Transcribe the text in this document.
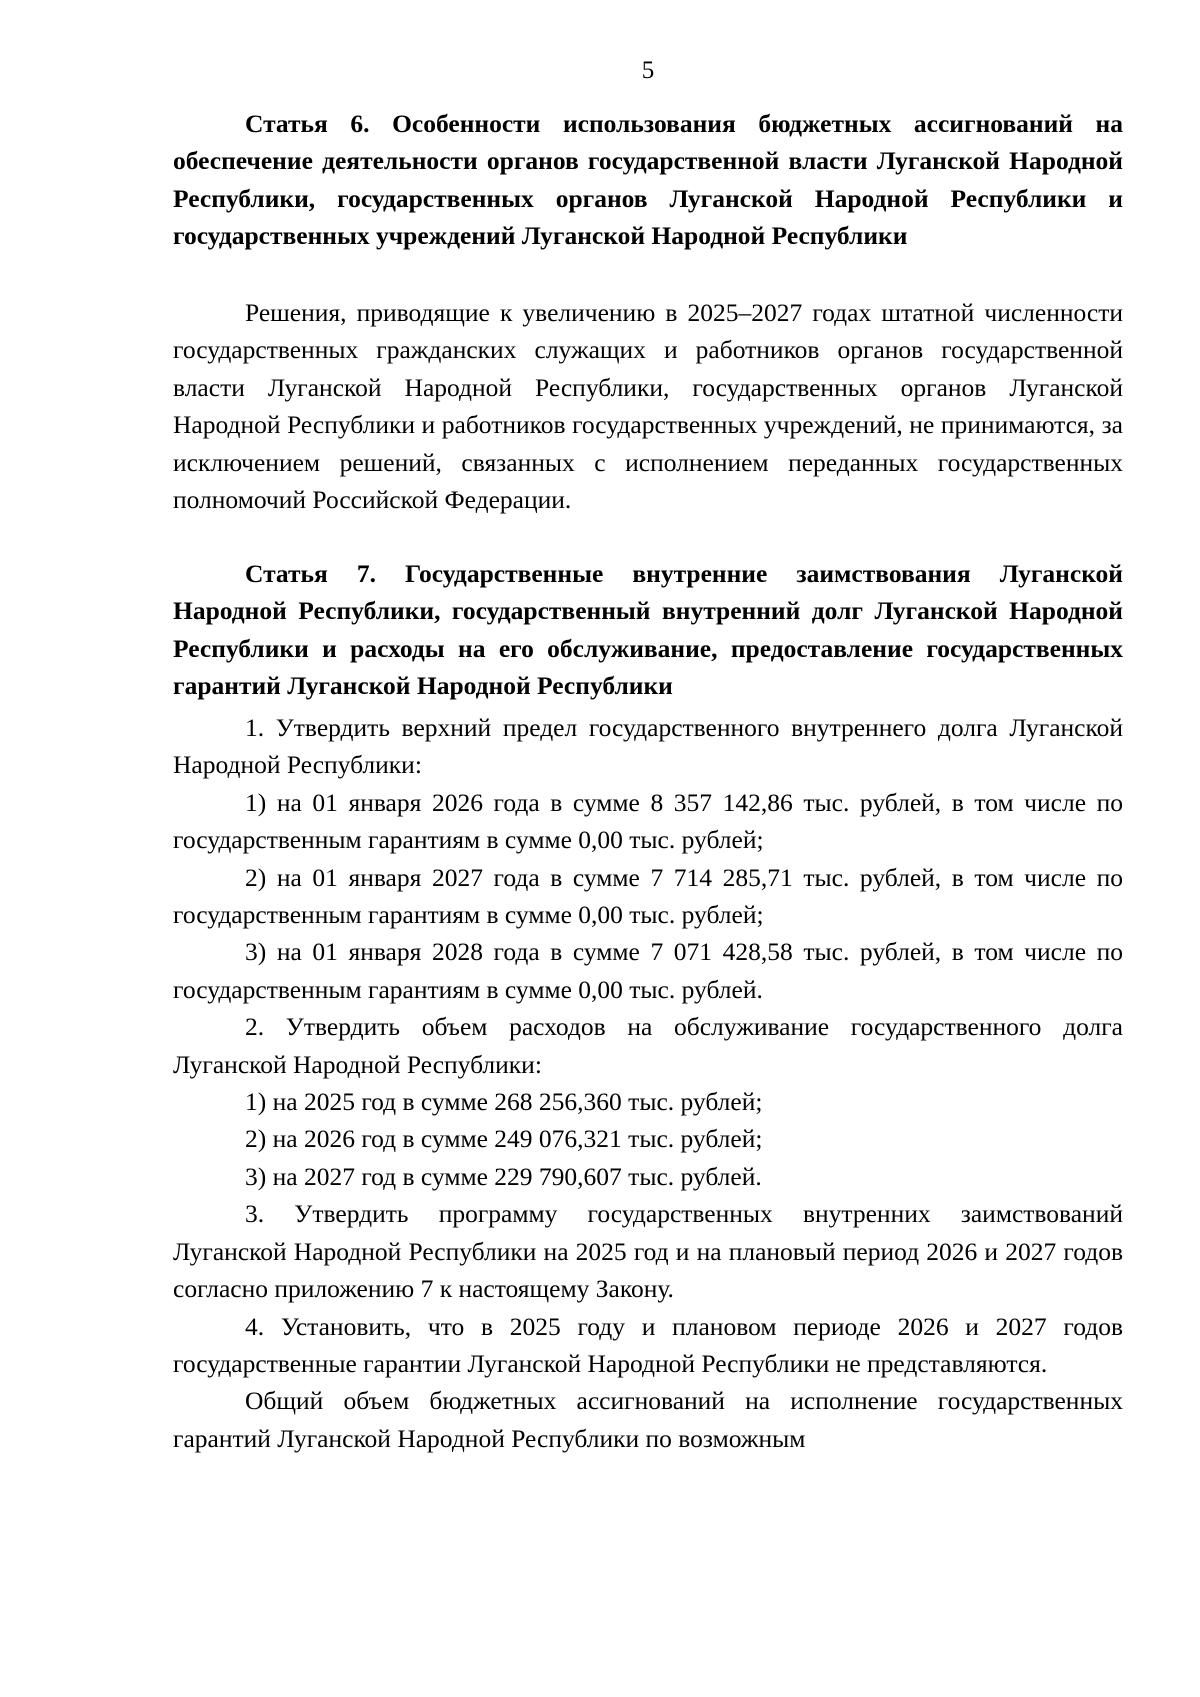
5

Статья 6. Особенности использования бюджетных ассигнований на обеспечение деятельности органов государственной власти Луганской Народной Республики, государственных органов Луганской Народной Республики и государственных учреждений Луганской Народной Республики

Решения, приводящие к увеличению в 2025–2027 годах штатной численности государственных гражданских служащих и работников органов государственной власти Луганской Народной Республики, государственных органов Луганской Народной Республики и работников государственных учреждений, не принимаются, за исключением решений, связанных с исполнением переданных государственных полномочий Российской Федерации.

Статья 7. Государственные внутренние заимствования Луганской Народной Республики, государственный внутренний долг Луганской Народной Республики и расходы на его обслуживание, предоставление государственных гарантий Луганской Народной Республики

1. Утвердить верхний предел государственного внутреннего долга Луганской Народной Республики:

1) на 01 января 2026 года в сумме 8 357 142,86 тыс. рублей, в том числе по государственным гарантиям в сумме 0,00 тыс. рублей;

2) на 01 января 2027 года в сумме 7 714 285,71 тыс. рублей, в том числе по государственным гарантиям в сумме 0,00 тыс. рублей;

3) на 01 января 2028 года в сумме 7 071 428,58 тыс. рублей, в том числе по государственным гарантиям в сумме 0,00 тыс. рублей.

2. Утвердить объем расходов на обслуживание государственного долга Луганской Народной Республики:

1) на 2025 год в сумме 268 256,360 тыс. рублей;

2) на 2026 год в сумме 249 076,321 тыс. рублей;

3) на 2027 год в сумме 229 790,607 тыс. рублей.

3. Утвердить программу государственных внутренних заимствований Луганской Народной Республики на 2025 год и на плановый период 2026 и 2027 годов согласно приложению 7 к настоящему Закону.

4. Установить, что в 2025 году и плановом периоде 2026 и 2027 годов государственные гарантии Луганской Народной Республики не представляются.

Общий объем бюджетных ассигнований на исполнение государственных гарантий Луганской Народной Республики по возможным
